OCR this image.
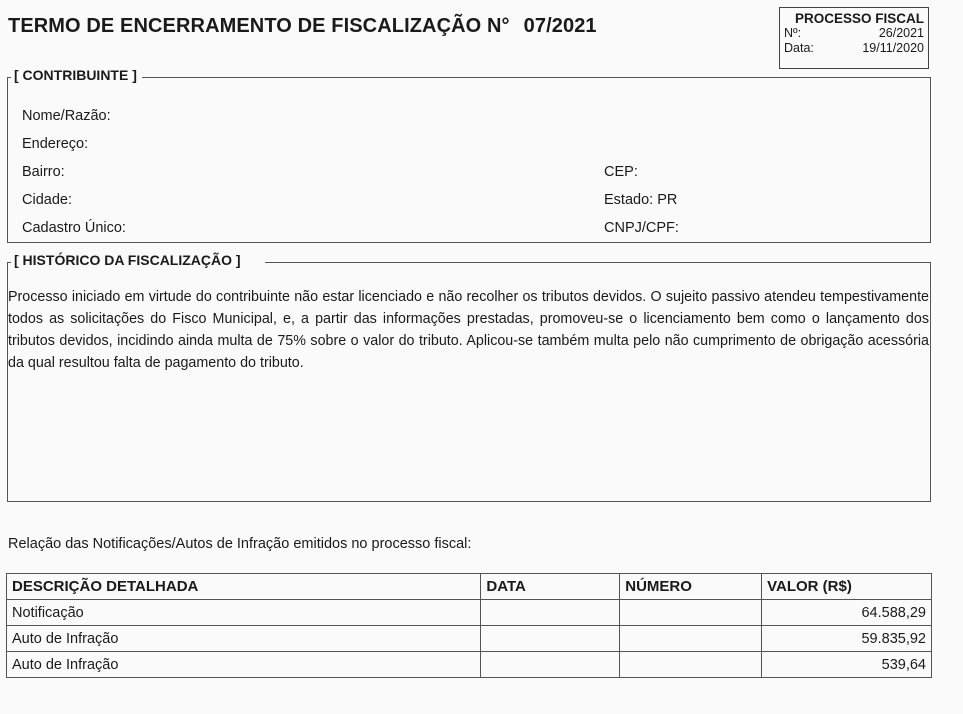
TERMO DE ENCERRAMENTO DE FISCALIZAÇÃO N° 07/2021	PROCESSO FISCAL
Nº:	26/2021
Data:	19/11/2020
[ CONTRIBUINTE ]
Nome/Razão:
Endereço:
Bairro:
Cidade:
Cadastro Único:
CEP:
Estado: PR
CNPJ/CPF:
[ HISTÓRICO DA FISCALIZAÇÃO ]
Processo iniciado em virtude do contribuinte não estar licenciado e não recolher os tributos devidos. O sujeito passivo atendeu tempestivamente todos as solicitações do Fisco Municipal, e, a partir das informações prestadas, promoveu-se o licenciamento bem como o lançamento dos tributos devidos, incidindo ainda multa de 75% sobre o valor do tributo. Aplicou-se também multa pelo não cumprimento de obrigação acessória da qual resultou falta de pagamento do tributo.
Relação das Notificações/Autos de Infração emitidos no processo fiscal:
DESCRIÇÃO DETALHADA	DATA	NÚMERO	VALOR (R$)
Notificação			64.588,29
Auto de Infração			59.835,92
Auto de Infração			539,64
